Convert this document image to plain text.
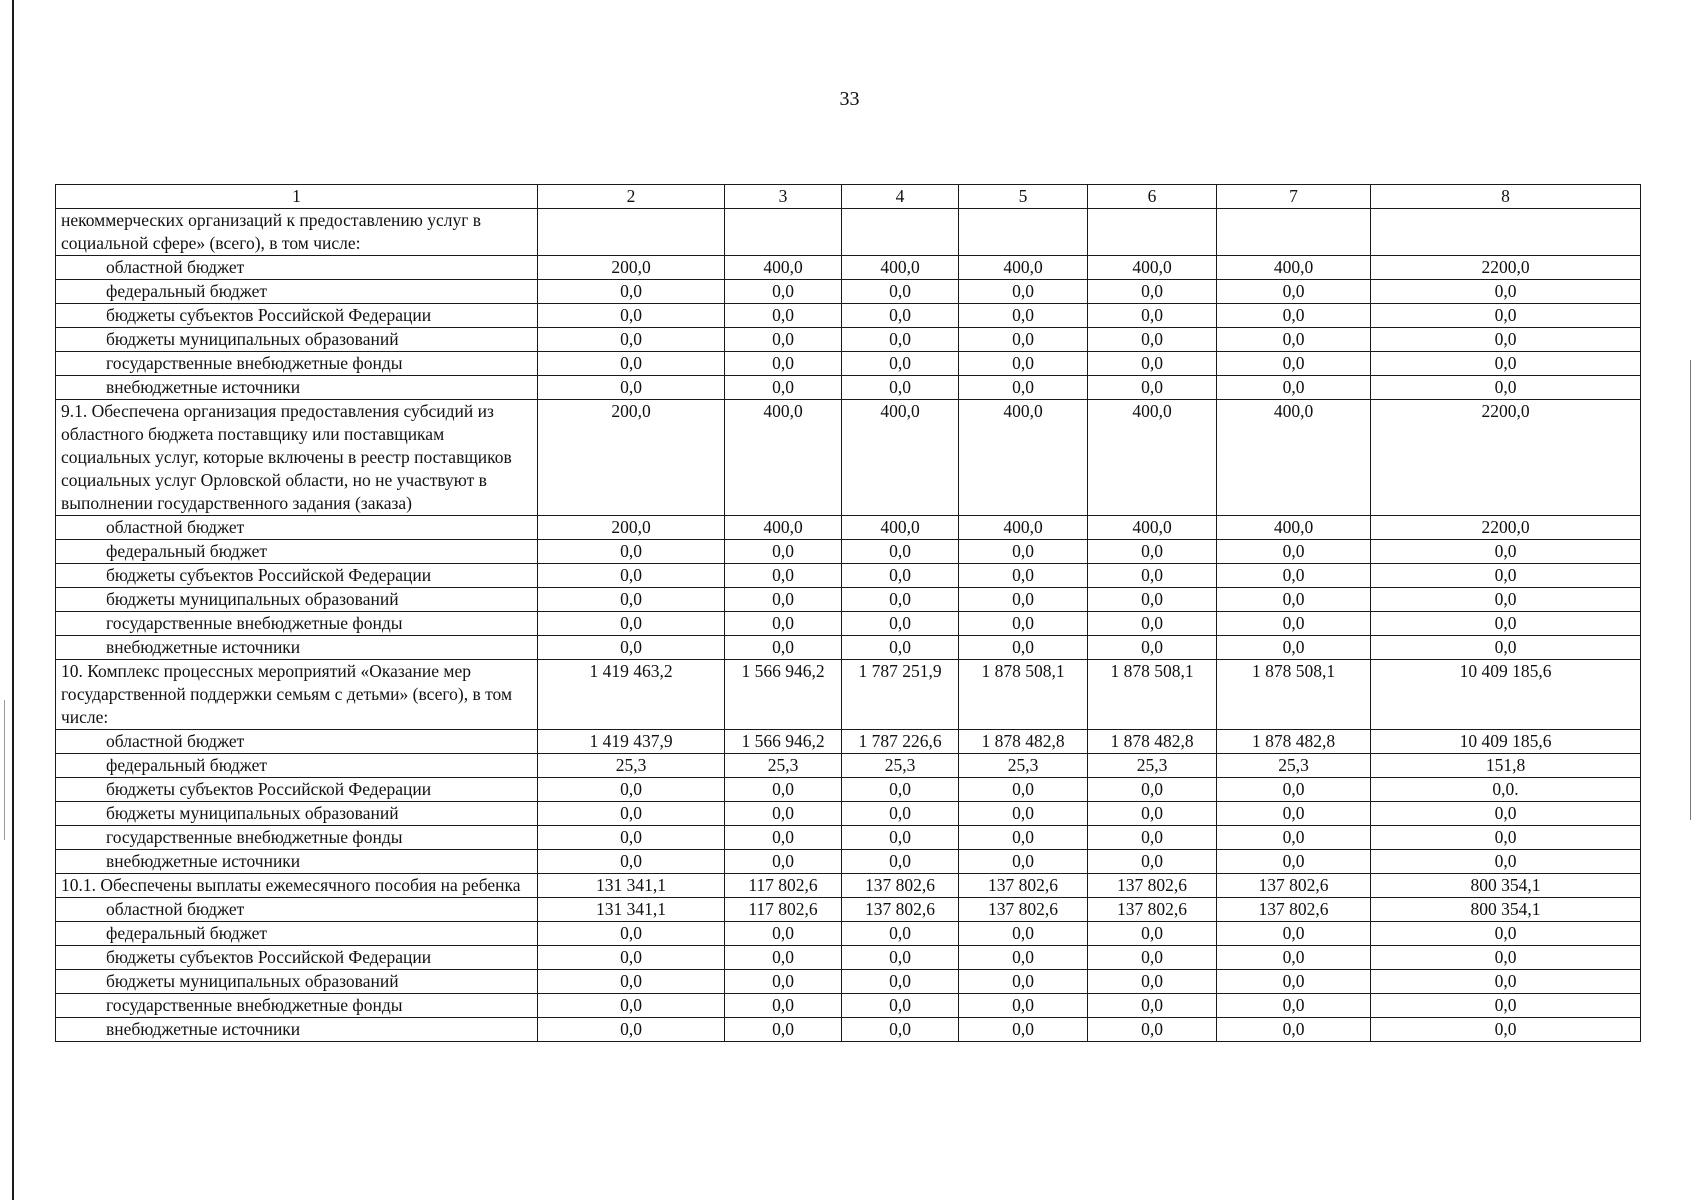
33
1	2	3	4	5	6	7	8
некоммерческих организаций к предоставлению услуг в социальной сфере» (всего), в том числе:							
областной бюджет	200,0	400,0	400,0	400,0	400,0	400,0	2200,0
федеральный бюджет	0,0	0,0	0,0	0,0	0,0	0,0	0,0
бюджеты субъектов Российской Федерации	0,0	0,0	0,0	0,0	0,0	0,0	0,0
бюджеты муниципальных образований	0,0	0,0	0,0	0,0	0,0	0,0	0,0
государственные внебюджетные фонды	0,0	0,0	0,0	0,0	0,0	0,0	0,0
внебюджетные источники	0,0	0,0	0,0	0,0	0,0	0,0	0,0
9.1. Обеспечена организация предоставления субсидий из областного бюджета поставщику или поставщикам социальных услуг, которые включены в реестр поставщиков социальных услуг Орловской области, но не участвуют в выполнении государственного задания (заказа)	200,0	400,0	400,0	400,0	400,0	400,0	2200,0
областной бюджет	200,0	400,0	400,0	400,0	400,0	400,0	2200,0
федеральный бюджет	0,0	0,0	0,0	0,0	0,0	0,0	0,0
бюджеты субъектов Российской Федерации	0,0	0,0	0,0	0,0	0,0	0,0	0,0
бюджеты муниципальных образований	0,0	0,0	0,0	0,0	0,0	0,0	0,0
государственные внебюджетные фонды	0,0	0,0	0,0	0,0	0,0	0,0	0,0
внебюджетные источники	0,0	0,0	0,0	0,0	0,0	0,0	0,0
10. Комплекс процессных мероприятий «Оказание мер государственной поддержки семьям с детьми» (всего), в том числе:	1 419 463,2	1 566 946,2	1 787 251,9	1 878 508,1	1 878 508,1	1 878 508,1	10 409 185,6
областной бюджет	1 419 437,9	1 566 946,2	1 787 226,6	1 878 482,8	1 878 482,8	1 878 482,8	10 409 185,6
федеральный бюджет	25,3	25,3	25,3	25,3	25,3	25,3	151,8
бюджеты субъектов Российской Федерации	0,0	0,0	0,0	0,0	0,0	0,0	0,0.
бюджеты муниципальных образований	0,0	0,0	0,0	0,0	0,0	0,0	0,0
государственные внебюджетные фонды	0,0	0,0	0,0	0,0	0,0	0,0	0,0
внебюджетные источники	0,0	0,0	0,0	0,0	0,0	0,0	0,0
10.1. Обеспечены выплаты ежемесячного пособия на ребенка	131 341,1	117 802,6	137 802,6	137 802,6	137 802,6	137 802,6	800 354,1
областной бюджет	131 341,1	117 802,6	137 802,6	137 802,6	137 802,6	137 802,6	800 354,1
федеральный бюджет	0,0	0,0	0,0	0,0	0,0	0,0	0,0
бюджеты субъектов Российской Федерации	0,0	0,0	0,0	0,0	0,0	0,0	0,0
бюджеты муниципальных образований	0,0	0,0	0,0	0,0	0,0	0,0	0,0
государственные внебюджетные фонды	0,0	0,0	0,0	0,0	0,0	0,0	0,0
внебюджетные источники	0,0	0,0	0,0	0,0	0,0	0,0	0,0
